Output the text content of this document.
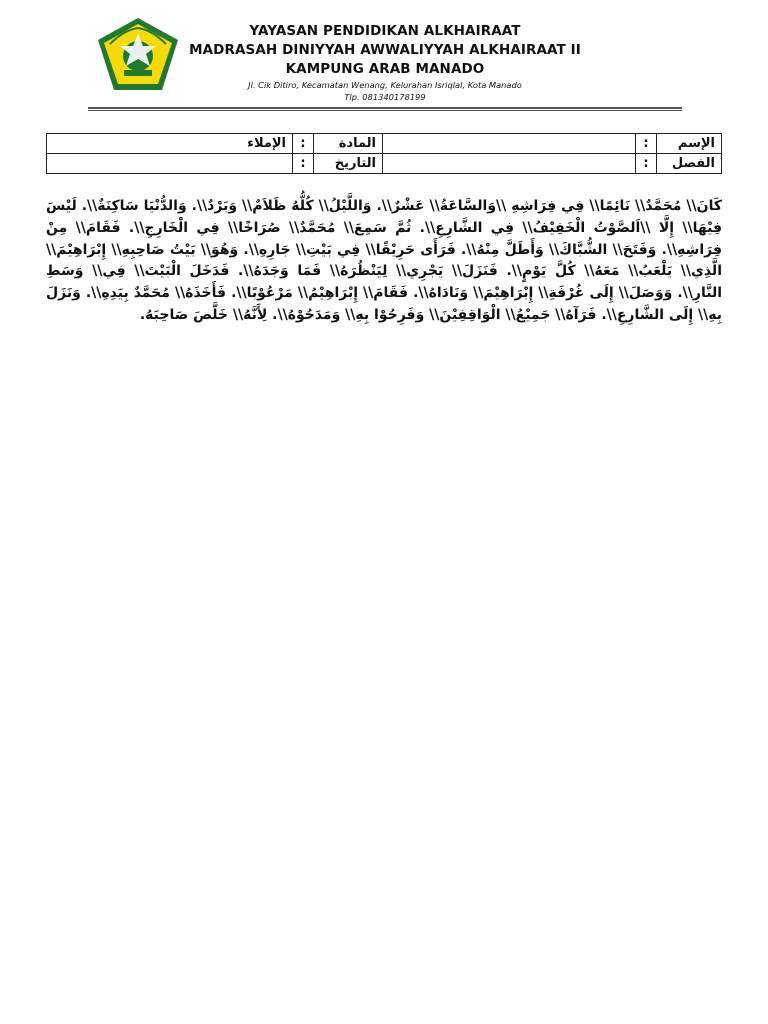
YAYASAN PENDIDIKAN ALKHAIRAAT
MADRASAH DINIYYAH AWWALIYYAH ALKHAIRAAT II
KAMPUNG ARAB MANADO
Jl. Cik Ditiro, Kecamatan Wenang, Kelurahan Isriqlal, Kota Manado
Tlp. 081340178199
الإسم	:		المادة	:	الإملاء
الفصل	:		التاريخ	:	
كَانَ\\ مُحَمَّدٌ\\ نَائِمًا\\ فِي فِرَاشِهِ \\وَالسَّاعَةُ\\ عَشْرٌ\\. وَاللَّيْلُ\\ كُلُّهُ ظَلاَمٌ\\ وَبَرْدٌ\\. وَالدُّنْيَا سَاكِنَةٌ\\. لَيْسَ فِيْهَا\\ إِلَّا \\اَلصَّوْتُ الْخَفِيْفُ\\ فِي الشَّارِعِ\\. ثُمَّ سَمِعَ\\ مُحَمَّدٌ\\ صُرَاخًا\\ فِي الْخَارِجِ\\. فَقَامَ\\ مِنْ فِرَاشِهِ\\. وَفَتَحَ\\ الشُّبَّاكَ\\ وَأَطَلَّ مِنْهُ\\. فَرَأَى حَرِيْقًا\\ فِي بَيْتِ\\ جَارِهِ\\. وَهُوَ\\ بَيْتُ صَاحِبِهِ\\ إِبْرَاهِيْمَ\\ الَّذِي\\ يَلْعَبُ\\ مَعَهُ\\ كُلَّ يَوْمٍ\\. فَنَزَلَ\\ يَجْرِي\\ لِيَنْظُرَهُ\\ فَمَا وَجَدَهُ\\. فَدَخَلَ الْبَيْتَ\\ فِي\\ وَسَطِ النَّارِ\\. وَوَصَلَ\\ إِلَى غُرْفَةِ\\ إِبْرَاهِيْمَ\\ وَنَادَاهُ\\. فَقَامَ\\ إِبْرَاهِيْمُ\\ مَرْعُوْبًا\\. فَأَخَذَهُ\\ مُحَمَّدٌ بِيَدِهِ\\. وَنَزَلَ بِهِ\\ إِلَى الشَّارِعِ\\. فَرَآهُ\\ جَمِيْعُ\\ الْوَاقِفِيْنَ\\ وَفَرِحُوْا بِهِ\\ وَمَدَحُوْهُ\\. لِأَنَّهُ\\ خَلَّصَ صَاحِبَهُ.
